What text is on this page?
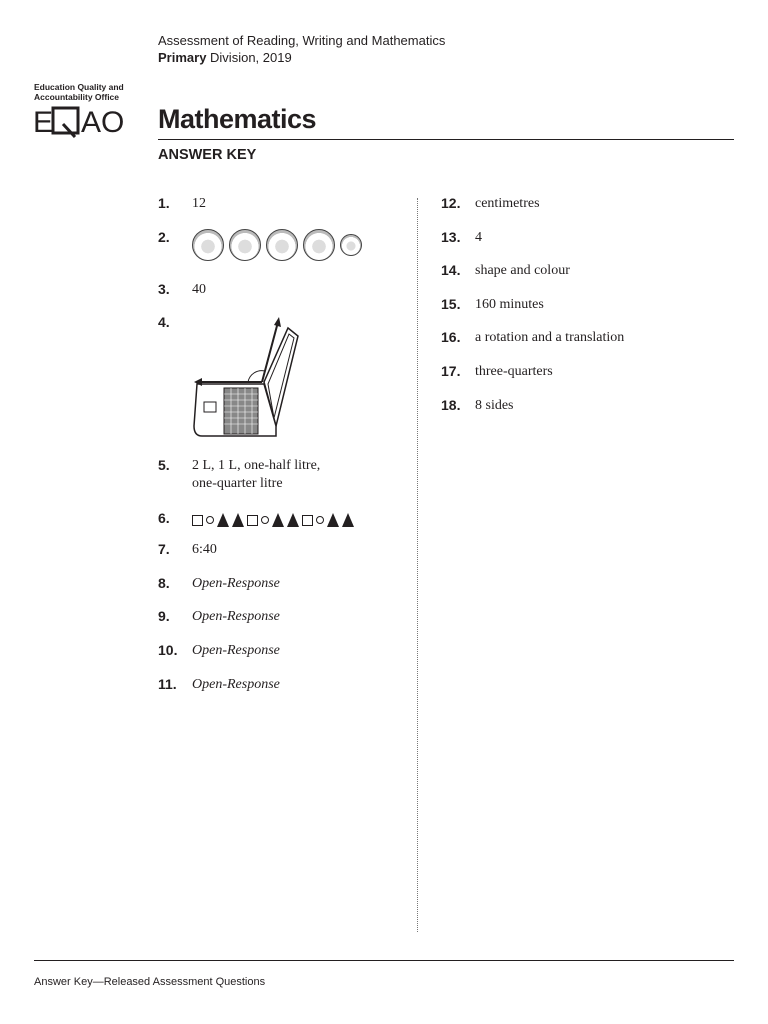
Assessment of Reading, Writing and Mathematics
Primary Division, 2019
Education Quality and Accountability Office
E AO Mathematics
ANSWER KEY
1.	12
2.
3.	40
4.
5.	2 L, 1 L, one-half litre,
one-quarter litre
6.
7.	6:40
8.	Open-Response
9.	Open-Response
10.	Open-Response
11.	Open-Response
12.	centimetres
13.	4
14.	shape and colour
15.	160 minutes
16.	a rotation and a translation
17.	three-quarters
18.	8 sides
Answer Key—Released Assessment Questions
